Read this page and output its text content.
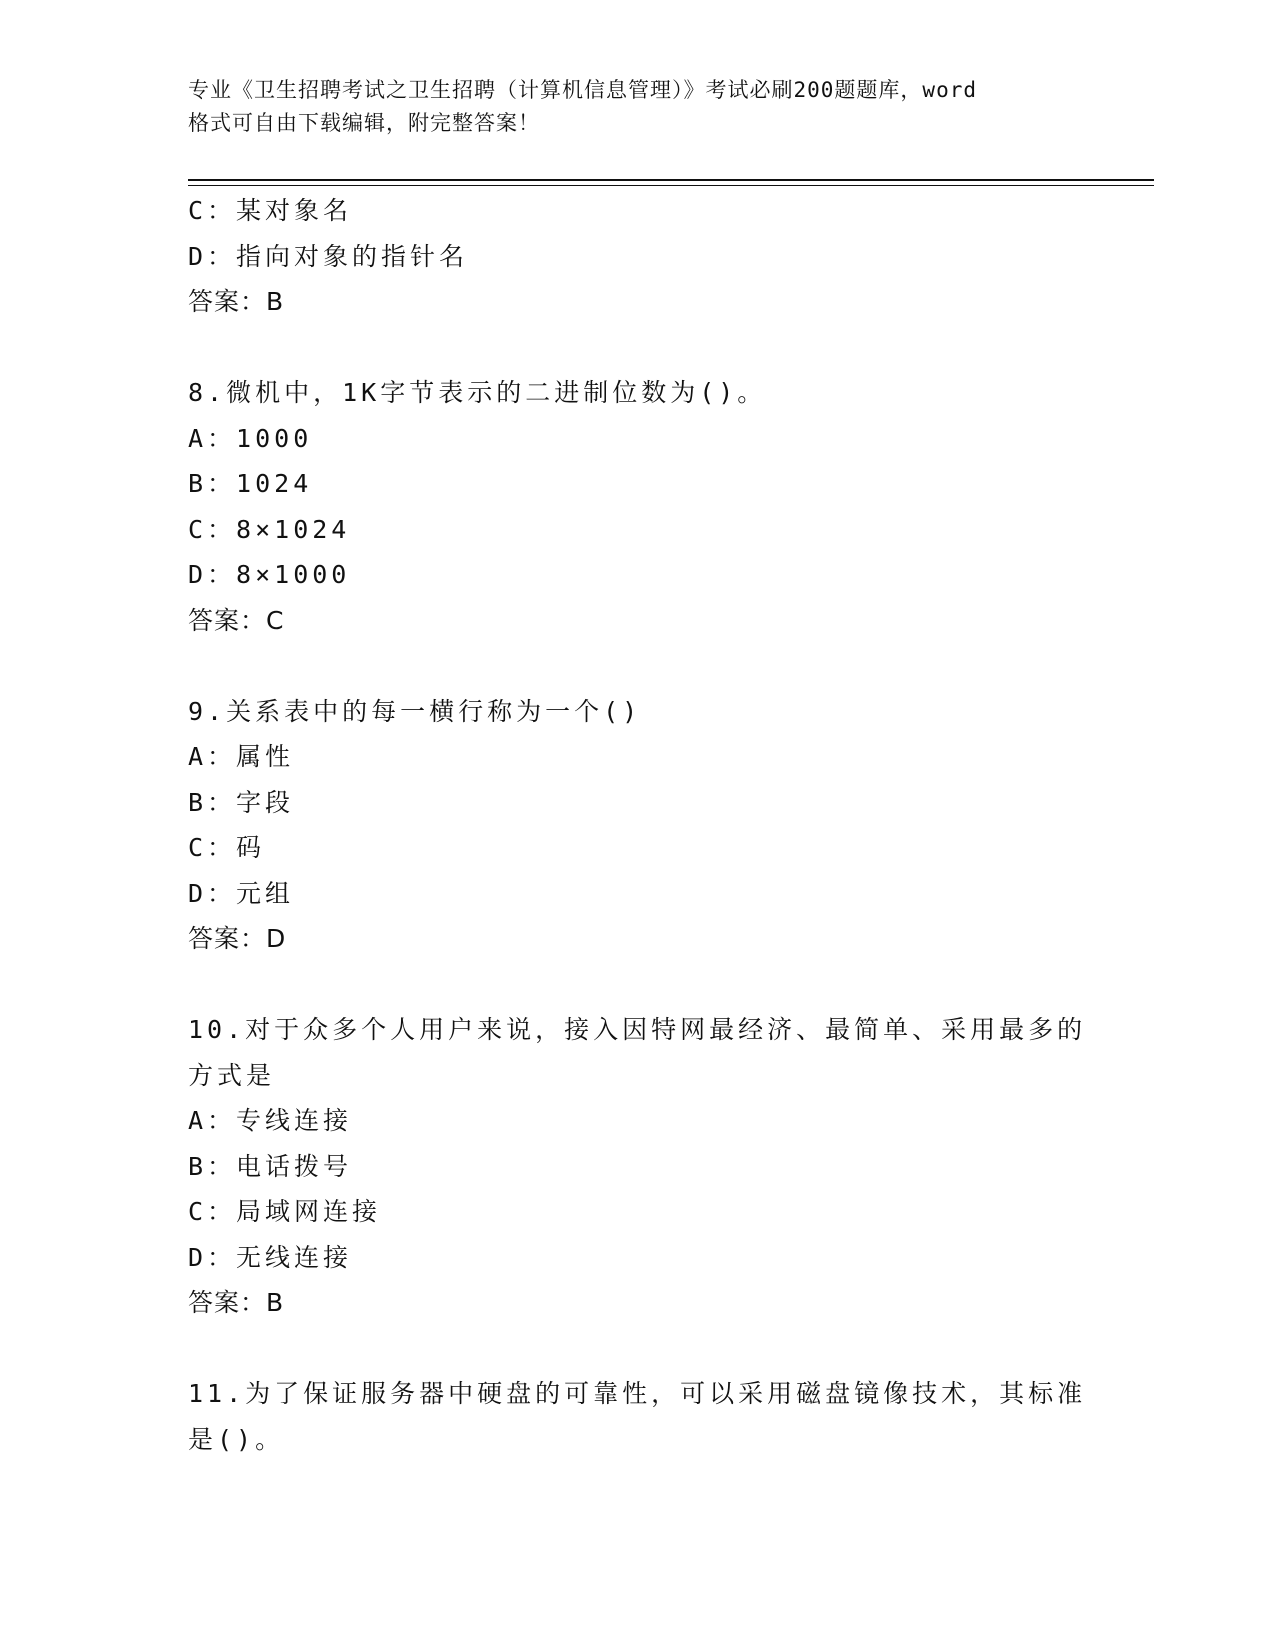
专业《卫生招聘考试之卫生招聘（计算机信息管理）》考试必刷200题题库，word
格式可自由下载编辑，附完整答案！
C：某对象名
D：指向对象的指针名
答案：B
8.微机中，1K字节表示的二进制位数为()。
A：1000
B：1024
C：8×1024
D：8×1000
答案：C
9.关系表中的每一横行称为一个()
A：属性
B：字段
C：码
D：元组
答案：D
10.对于众多个人用户来说，接入因特网最经济、最简单、采用最多的
方式是
A：专线连接
B：电话拨号
C：局域网连接
D：无线连接
答案：B
11.为了保证服务器中硬盘的可靠性，可以采用磁盘镜像技术，其标准
是()。
